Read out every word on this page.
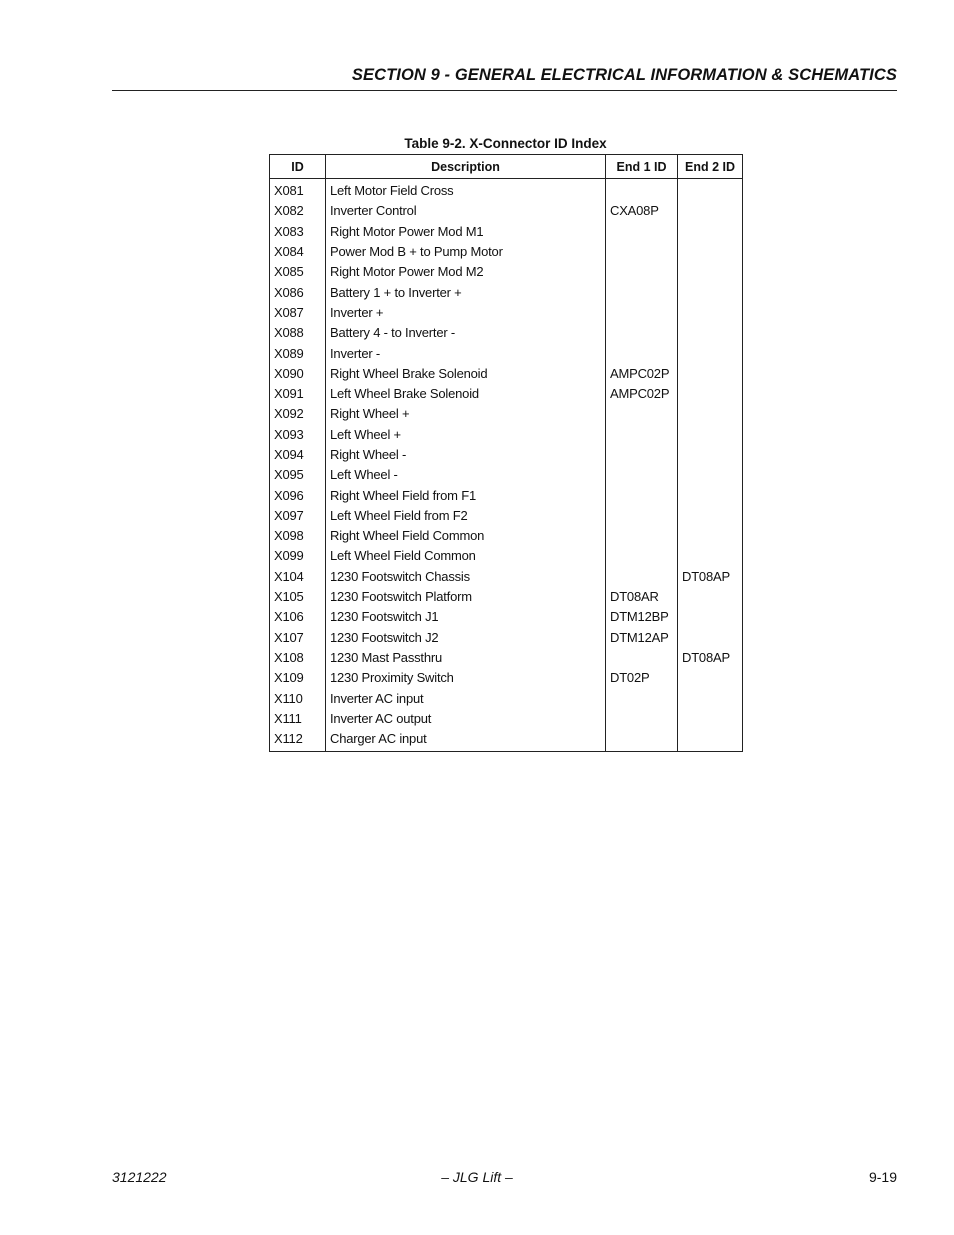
SECTION 9 - GENERAL ELECTRICAL INFORMATION & SCHEMATICS
Table 9-2. X-Connector ID Index
ID	Description	End 1 ID	End 2 ID
X081	Left Motor Field Cross		
X082	Inverter Control	CXA08P	
X083	Right Motor Power Mod M1		
X084	Power Mod B + to Pump Motor		
X085	Right Motor Power Mod M2		
X086	Battery 1 + to Inverter +		
X087	Inverter +		
X088	Battery 4 - to Inverter -		
X089	Inverter -		
X090	Right Wheel Brake Solenoid	AMPC02P	
X091	Left Wheel Brake Solenoid	AMPC02P	
X092	Right Wheel +		
X093	Left Wheel +		
X094	Right Wheel -		
X095	Left Wheel -		
X096	Right Wheel Field from F1		
X097	Left Wheel Field from F2		
X098	Right Wheel Field Common		
X099	Left Wheel Field Common		
X104	1230 Footswitch Chassis		DT08AP
X105	1230 Footswitch Platform	DT08AR	
X106	1230 Footswitch J1	DTM12BP	
X107	1230 Footswitch J2	DTM12AP	
X108	1230 Mast Passthru		DT08AP
X109	1230 Proximity Switch	DT02P	
X110	Inverter AC input		
X111	Inverter AC output		
X112	Charger AC input		
3121222	– JLG Lift –	9-19
